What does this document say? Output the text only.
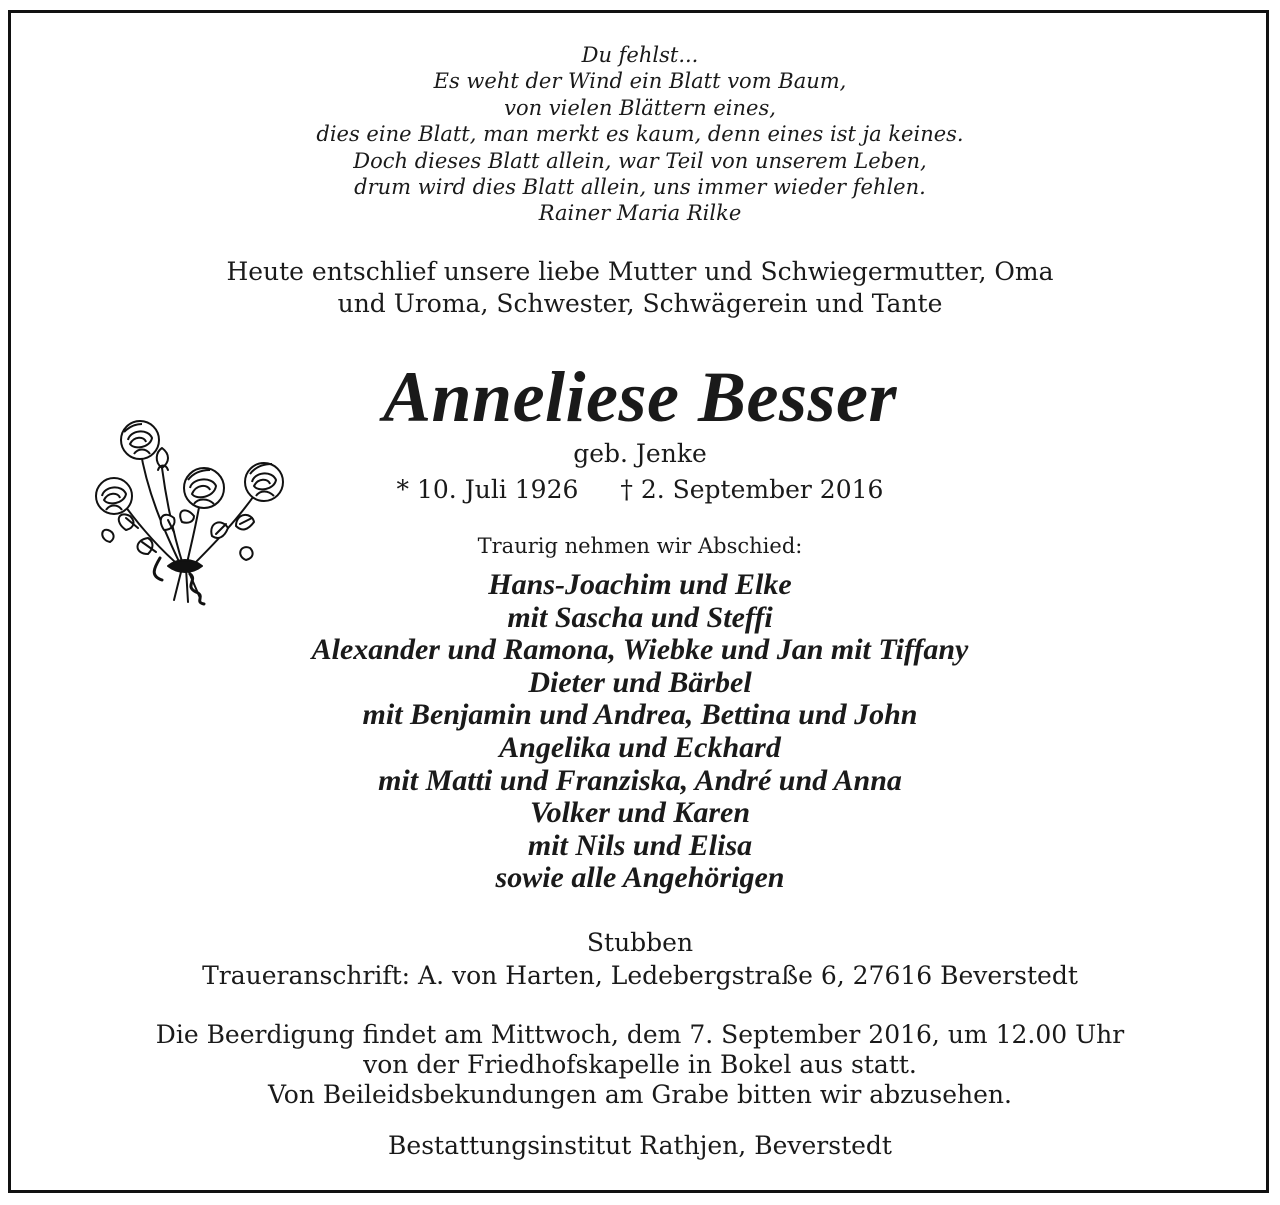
Du fehlst...
Es weht der Wind ein Blatt vom Baum,
von vielen Blättern eines,
dies eine Blatt, man merkt es kaum, denn eines ist ja keines.
Doch dieses Blatt allein, war Teil von unserem Leben,
drum wird dies Blatt allein, uns immer wieder fehlen.
Rainer Maria Rilke
Heute entschlief unsere liebe Mutter und Schwiegermutter, Oma
und Uroma, Schwester, Schwägerein und Tante
Anneliese Besser
geb. Jenke
* 10. Juli 1926 † 2. September 2016
Traurig nehmen wir Abschied:
Hans-Joachim und Elke
mit Sascha und Steffi
Alexander und Ramona, Wiebke und Jan mit Tiffany
Dieter und Bärbel
mit Benjamin und Andrea, Bettina und John
Angelika und Eckhard
mit Matti und Franziska, André und Anna
Volker und Karen
mit Nils und Elisa
sowie alle Angehörigen
Stubben
Traueranschrift: A. von Harten, Ledebergstraße 6, 27616 Beverstedt
Die Beerdigung findet am Mittwoch, dem 7. September 2016, um 12.00 Uhr
von der Friedhofskapelle in Bokel aus statt.
Von Beileidsbekundungen am Grabe bitten wir abzusehen.
Bestattungsinstitut Rathjen, Beverstedt
